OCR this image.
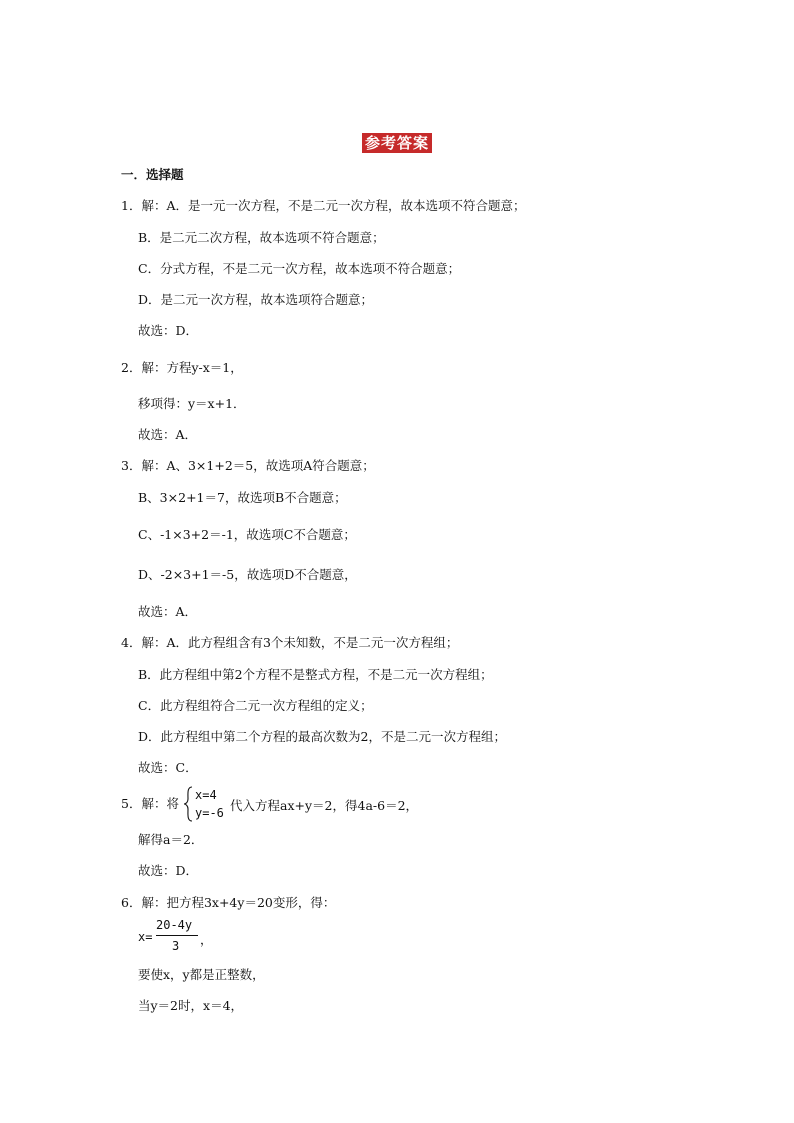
参考答案
一．选择题
1．解：A．是一元一次方程，不是二元一次方程，故本选项不符合题意；
B．是二元二次方程，故本选项不符合题意；
C．分式方程，不是二元一次方程，故本选项不符合题意；
D．是二元一次方程，故本选项符合题意；
故选：D．
2．解：方程y-x＝1，
移项得：y＝x+1．
故选：A．
3．解：A、3×1+2＝5，故选项A符合题意；
B、3×2+1＝7，故选项B不合题意；
C、-1×3+2＝-1，故选项C不合题意；
D、-2×3+1＝-5，故选项D不合题意，
故选：A．
4．解：A．此方程组含有3个未知数，不是二元一次方程组；
B．此方程组中第2个方程不是整式方程，不是二元一次方程组；
C．此方程组符合二元一次方程组的定义；
D．此方程组中第二个方程的最高次数为2，不是二元一次方程组；
故选：C．
5．解：将
x=4
y=-6 代入方程ax+y＝2，得4a-6＝2，
解得a＝2．
故选：D．
6．解：把方程3x+4y＝20变形，得：
x=
20-4y
3 ，
要使x，y都是正整数，
当y＝2时，x＝4，
